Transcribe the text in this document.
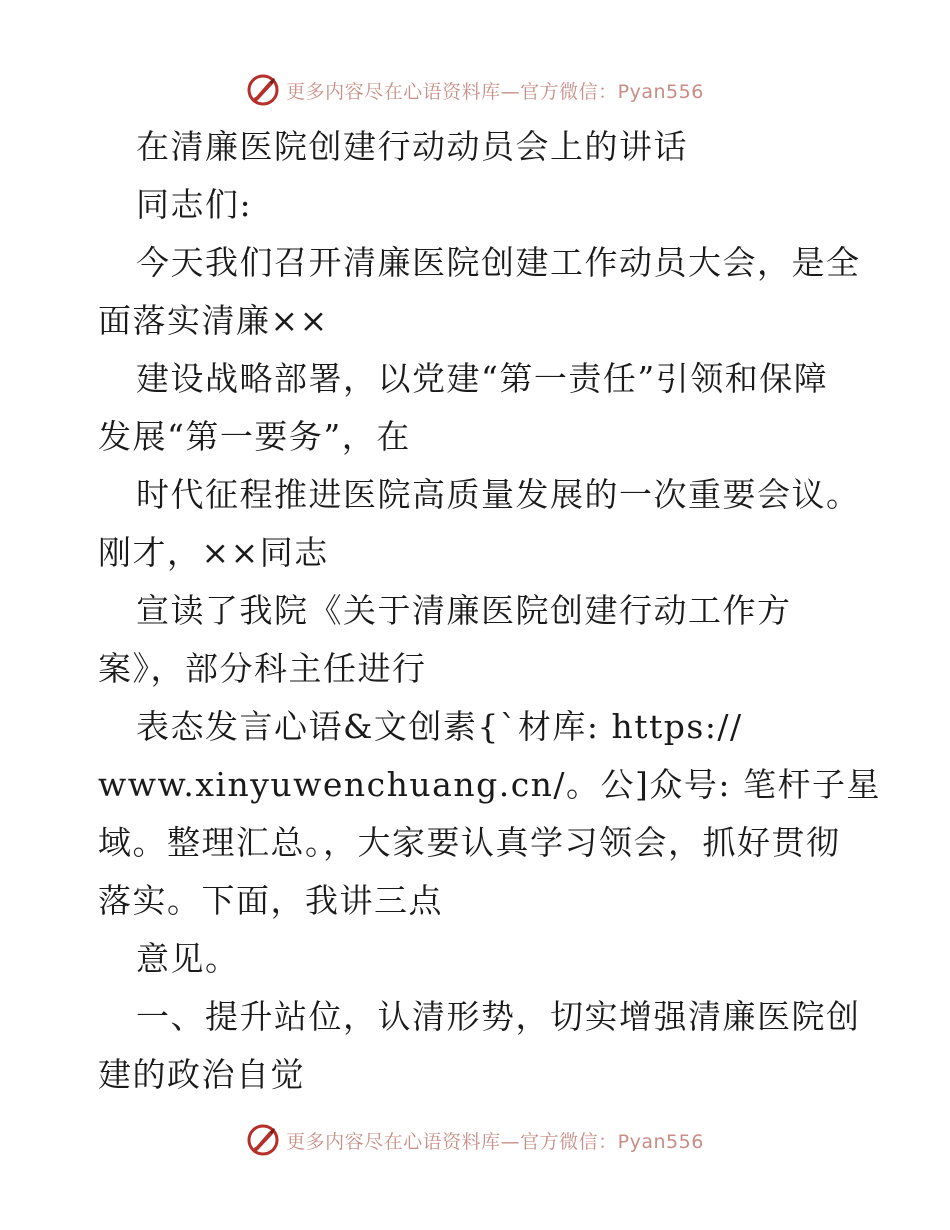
更多内容尽在心语资料库—官方微信：Pyan556
在清廉医院创建行动动员会上的讲话
同志们:
今天我们召开清廉医院创建工作动员大会，是全
面落实清廉××
建设战略部署，以党建“第一责任”引领和保障
发展“第一要务”，在
时代征程推进医院高质量发展的一次重要会议。
刚才，××同志
宣读了我院《关于清廉医院创建行动工作方
案》，部分科主任进行
表态发言心语&文创素{`材库: https://
www.xinyuwenchuang.cn/。公]众号: 笔杆子星
域。整理汇总。，大家要认真学习领会，抓好贯彻
落实。下面，我讲三点
意见。
一、提升站位，认清形势，切实增强清廉医院创
建的政治自觉
更多内容尽在心语资料库—官方微信：Pyan556
